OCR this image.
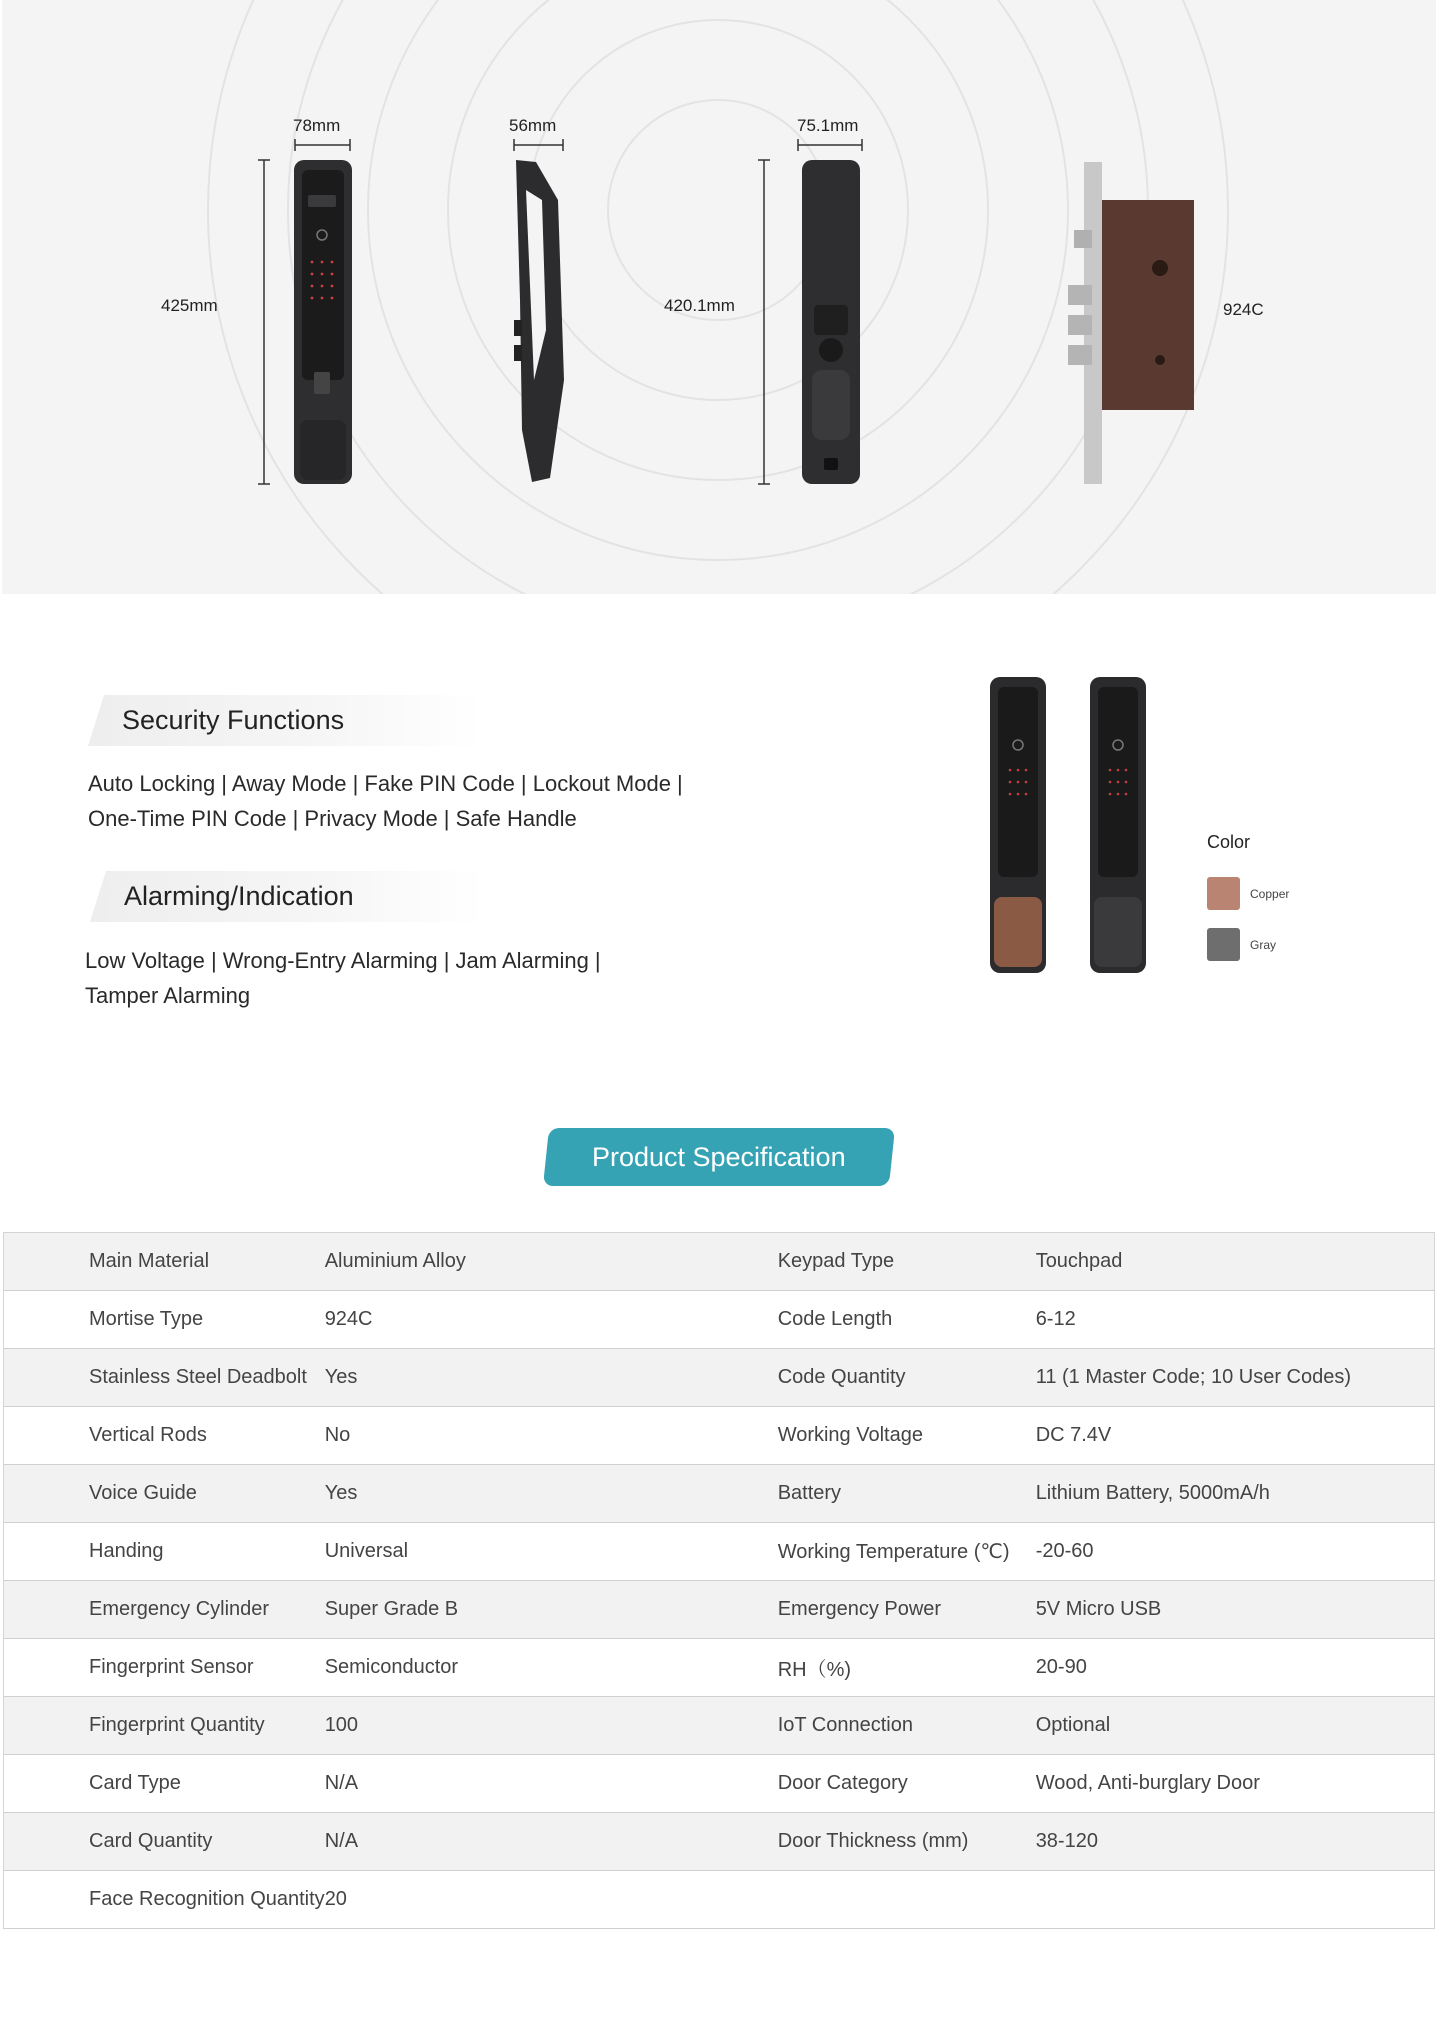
78mm	56mm	75.1mm
425mm	420.1mm	924C
Security Functions
Auto Locking | Away Mode | Fake PIN Code | Lockout Mode |
One-Time PIN Code | Privacy Mode | Safe Handle
Alarming/Indication
Low Voltage | Wrong-Entry Alarming | Jam Alarming |
Tamper Alarming
Color
Copper
Gray
Product Specification
Main Material	Aluminium Alloy	Keypad Type	Touchpad
Mortise Type	924C	Code Length	6-12
Stainless Steel Deadbolt	Yes	Code Quantity	11 (1 Master Code; 10 User Codes)
Vertical Rods	No	Working Voltage	DC 7.4V
Voice Guide	Yes	Battery	Lithium Battery, 5000mA/h
Handing	Universal	Working Temperature (℃)	-20-60
Emergency Cylinder	Super Grade B	Emergency Power	5V Micro USB
Fingerprint Sensor	Semiconductor	RH（%)	20-90
Fingerprint Quantity	100	IoT Connection	Optional
Card Type	N/A	Door Category	Wood, Anti-burglary Door
Card Quantity	N/A	Door Thickness (mm)	38-120
Face Recognition Quantity	20		
